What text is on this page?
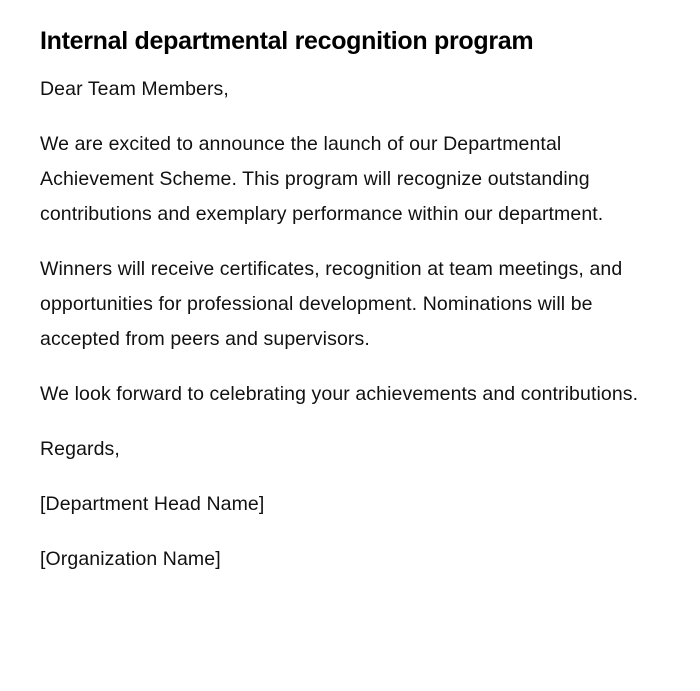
Internal departmental recognition program

Dear Team Members,

We are excited to announce the launch of our Departmental Achievement Scheme. This program will recognize outstanding contributions and exemplary performance within our department.

Winners will receive certificates, recognition at team meetings, and opportunities for professional development. Nominations will be accepted from peers and supervisors.

We look forward to celebrating your achievements and contributions.

Regards,

[Department Head Name]

[Organization Name]
